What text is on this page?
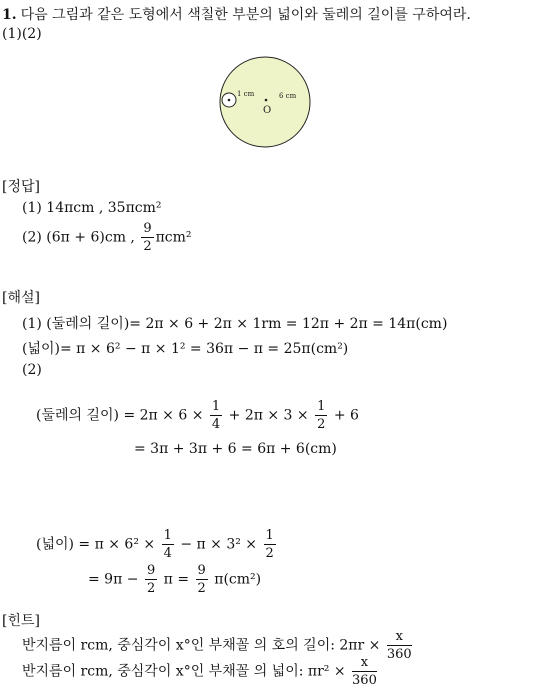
1. 다음 그림과 같은 도형에서 색칠한 부분의 넓이와 둘레의 길이를 구하여라.
(1)(2)
1 cm	6 cm
O
[정답]
(1) 14πcm , 35πcm²
(2) (6π + 6)cm , $\frac{9}{2} \pi cm^2$
[해설]
(1) (둘레의 길이)= 2π × 6 + 2π × 1rm = 12π + 2π = 14π(cm)
(넓이)= π × 6² − π × 1² = 36π − π = 25π(cm²)
(2)
(둘레의 길이) = $2\pi \times 6 \times \frac{1}{4} + 2\pi \times 3 \times \frac{1}{2} + 6$
= 3π + 3π + 6 = 6π + 6(cm)
(넓이) = $\pi \times 6^2 \times \frac{1}{4} - \pi \times 3^2 \times \frac{1}{2}$
= $9\pi - \frac{9}{2}$ $\pi = \frac{9}{2} \pi(cm^2)$
[힌트]
반지름이 rcm, 중심각이 x°인 부채꼴 의 호의 길이: $2\pi r \times \frac{x}{360}$
반지름이 rcm, 중심각이 x°인 부채꼴 의 넓이: $\pi r^2 \times \frac{x}{360}$
